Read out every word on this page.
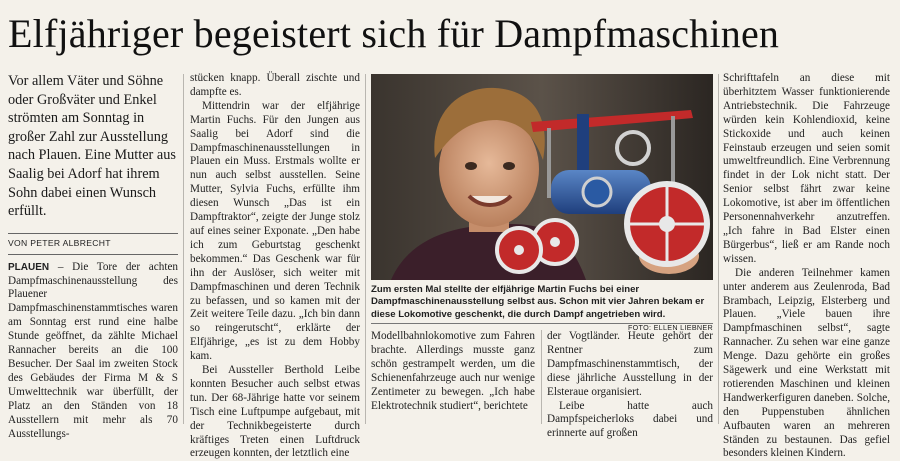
Elfjähriger begeistert sich für Dampfmaschinen

Vor allem Väter und Söhne oder Großväter und Enkel strömten am Sonntag in großer Zahl zur Ausstellung nach Plauen. Eine Mutter aus Saalig bei Adorf hat ihrem Sohn dabei einen Wunsch erfüllt.

VON PETER ALBRECHT

PLAUEN – Die Tore der achten Dampfmaschinenausstellung des Plauener Dampfmaschinenstammtisches waren am Sonntag erst rund eine halbe Stunde geöffnet, da zählte Michael Rannacher bereits an die 100 Besucher. Der Saal im zweiten Stock des Gebäudes der Firma M & S Umwelttechnik war überfüllt, der Platz an den Ständen von 18 Ausstellern mit mehr als 70 Ausstellungs-

stücken knapp. Überall zischte und dampfte es.

Mittendrin war der elfjährige Martin Fuchs. Für den Jungen aus Saalig bei Adorf sind die Dampfmaschinenausstellungen in Plauen ein Muss. Erstmals wollte er nun auch selbst ausstellen. Seine Mutter, Sylvia Fuchs, erfüllte ihm diesen Wunsch „Das ist ein Dampftraktor“, zeigte der Junge stolz auf eines seiner Exponate. „Den habe ich zum Geburtstag geschenkt bekommen.“ Das Geschenk war für ihn der Auslöser, sich weiter mit Dampfmaschinen und deren Technik zu befassen, und so kamen mit der Zeit weitere Teile dazu. „Ich bin dann so reingerutscht“, erklärte der Elfjährige, „es ist zu dem Hobby kam.

Bei Aussteller Berthold Leibe konnten Besucher auch selbst etwas tun. Der 68-Jährige hatte vor seinem Tisch eine Luftpumpe aufgebaut, mit der Technikbegeisterte durch kräftiges Treten einen Luftdruck erzeugen konnten, der letztlich eine

Zum ersten Mal stellte der elfjährige Martin Fuchs bei einer Dampfmaschinenausstellung selbst aus. Schon mit vier Jahren bekam er diese Lokomotive geschenkt, die durch Dampf angetrieben wird.
FOTO: ELLEN LIEBNER

Modellbahnlokomotive zum Fahren brachte. Allerdings musste ganz schön gestrampelt werden, um die Schienenfahrzeuge auch nur wenige Zentimeter zu bewegen. „Ich habe Elektrotechnik studiert“, berichtete

der Vogtländer. Heute gehört der Rentner zum Dampfmaschinenstammtisch, der diese jährliche Ausstellung in der Elsteraue organisiert.

Leibe hatte auch Dampfspeicherloks dabei und erinnerte auf großen

Schrifttafeln an diese mit überhitztem Wasser funktionierende Antriebstechnik. Die Fahrzeuge würden kein Kohlendioxid, keine Stickoxide und auch keinen Feinstaub erzeugen und seien somit umweltfreundlich. Eine Verbrennung findet in der Lok nicht statt. Der Senior selbst fährt zwar keine Lokomotive, ist aber im öffentlichen Personennahverkehr anzutreffen. „Ich fahre in Bad Elster einen Bürgerbus“, ließ er am Rande noch wissen.

Die anderen Teilnehmer kamen unter anderem aus Zeulenroda, Bad Brambach, Leipzig, Elsterberg und Plauen. „Viele bauen ihre Dampfmaschinen selbst“, sagte Rannacher. Zu sehen war eine ganze Menge. Dazu gehörte ein großes Sägewerk und eine Werkstatt mit rotierenden Maschinen und kleinen Handwerkerfiguren daneben. Solche, den Puppenstuben ähnlichen Aufbauten waren an mehreren Ständen zu bestaunen. Das gefiel besonders kleinen Kindern.
